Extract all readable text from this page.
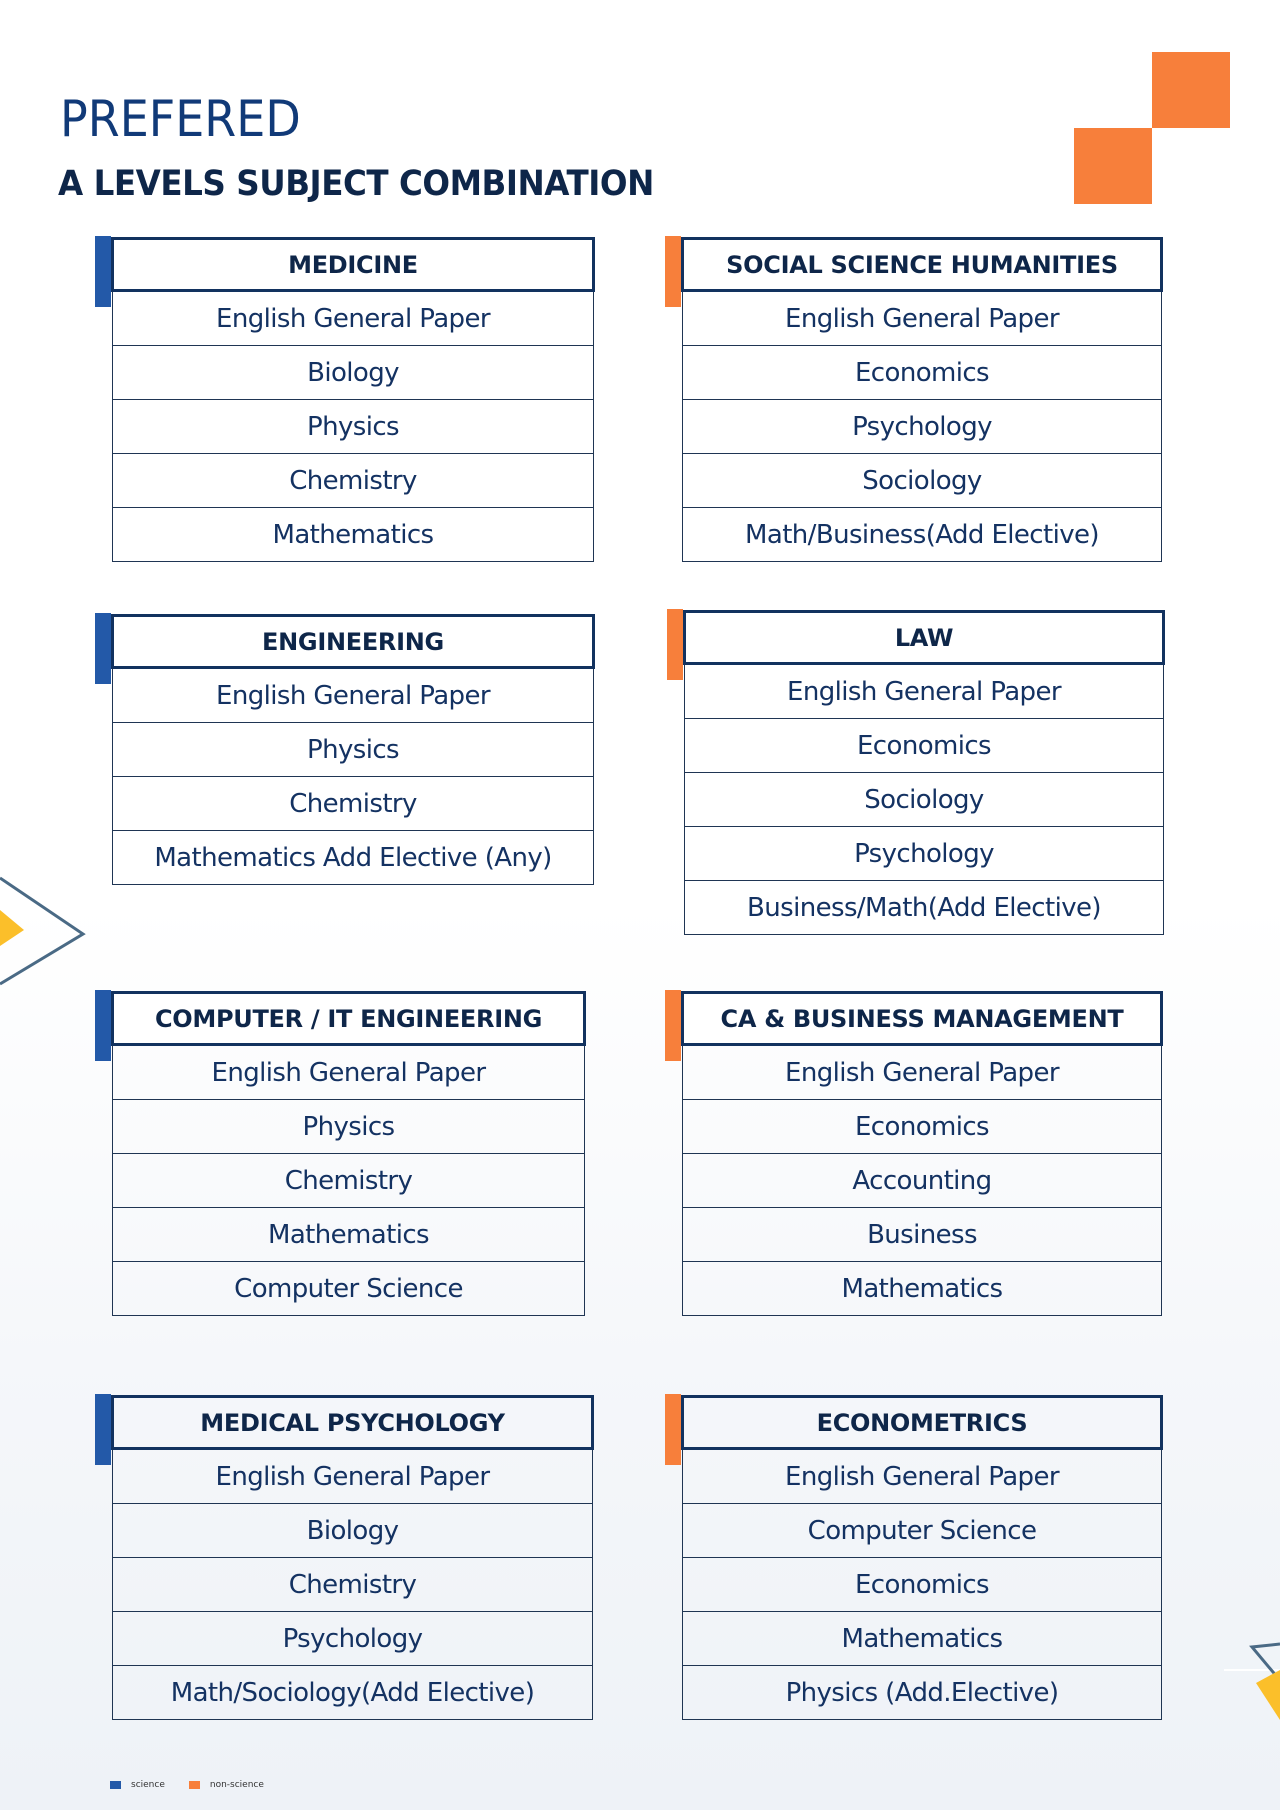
PREFERED
A LEVELS SUBJECT COMBINATION
MEDICINE
English General Paper
Biology
Physics
Chemistry
Mathematics
SOCIAL SCIENCE HUMANITIES
English General Paper
Economics
Psychology
Sociology
Math/Business(Add Elective)
ENGINEERING
English General Paper
Physics
Chemistry
Mathematics Add Elective (Any)
LAW
English General Paper
Economics
Sociology
Psychology
Business/Math(Add Elective)
COMPUTER / IT ENGINEERING
English General Paper
Physics
Chemistry
Mathematics
Computer Science
CA & BUSINESS MANAGEMENT
English General Paper
Economics
Accounting
Business
Mathematics
MEDICAL PSYCHOLOGY
English General Paper
Biology
Chemistry
Psychology
Math/Sociology(Add Elective)
ECONOMETRICS
English General Paper
Computer Science
Economics
Mathematics
Physics (Add.Elective)
science	non-science
